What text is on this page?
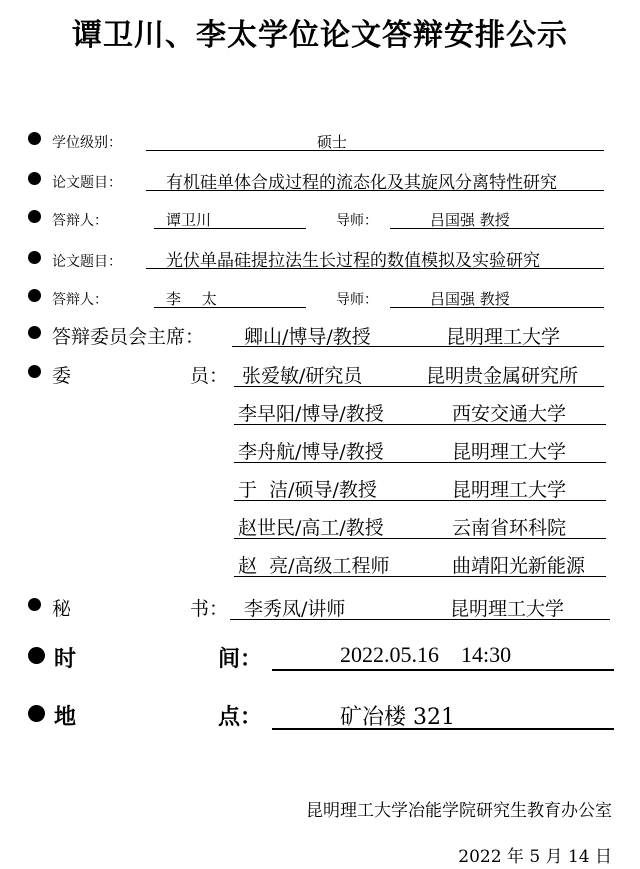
谭卫川、李太学位论文答辩安排公示
学位级别：	硕士
论文题目：	有机硅单体合成过程的流态化及其旋风分离特性研究
答辩人：	谭卫川	导师：	吕国强 教授
论文题目：	光伏单晶硅提拉法生长过程的数值模拟及实验研究
答辩人：	李 太	导师：	吕国强 教授
答辩委员会主席： 卿山/博导/教授	昆明理工大学
委	员： 张爱敏/研究员	昆明贵金属研究所
李早阳/博导/教授	西安交通大学
李舟航/博导/教授	昆明理工大学
于  洁/硕导/教授	昆明理工大学
赵世民/高工/教授	云南省环科院
赵  亮/高级工程师	曲靖阳光新能源
秘	书： 李秀凤/讲师	昆明理工大学
时	间：	2022.05.16    14:30
地	点：	矿冶楼 321
昆明理工大学冶能学院研究生教育办公室
2022 年 5 月 14 日
